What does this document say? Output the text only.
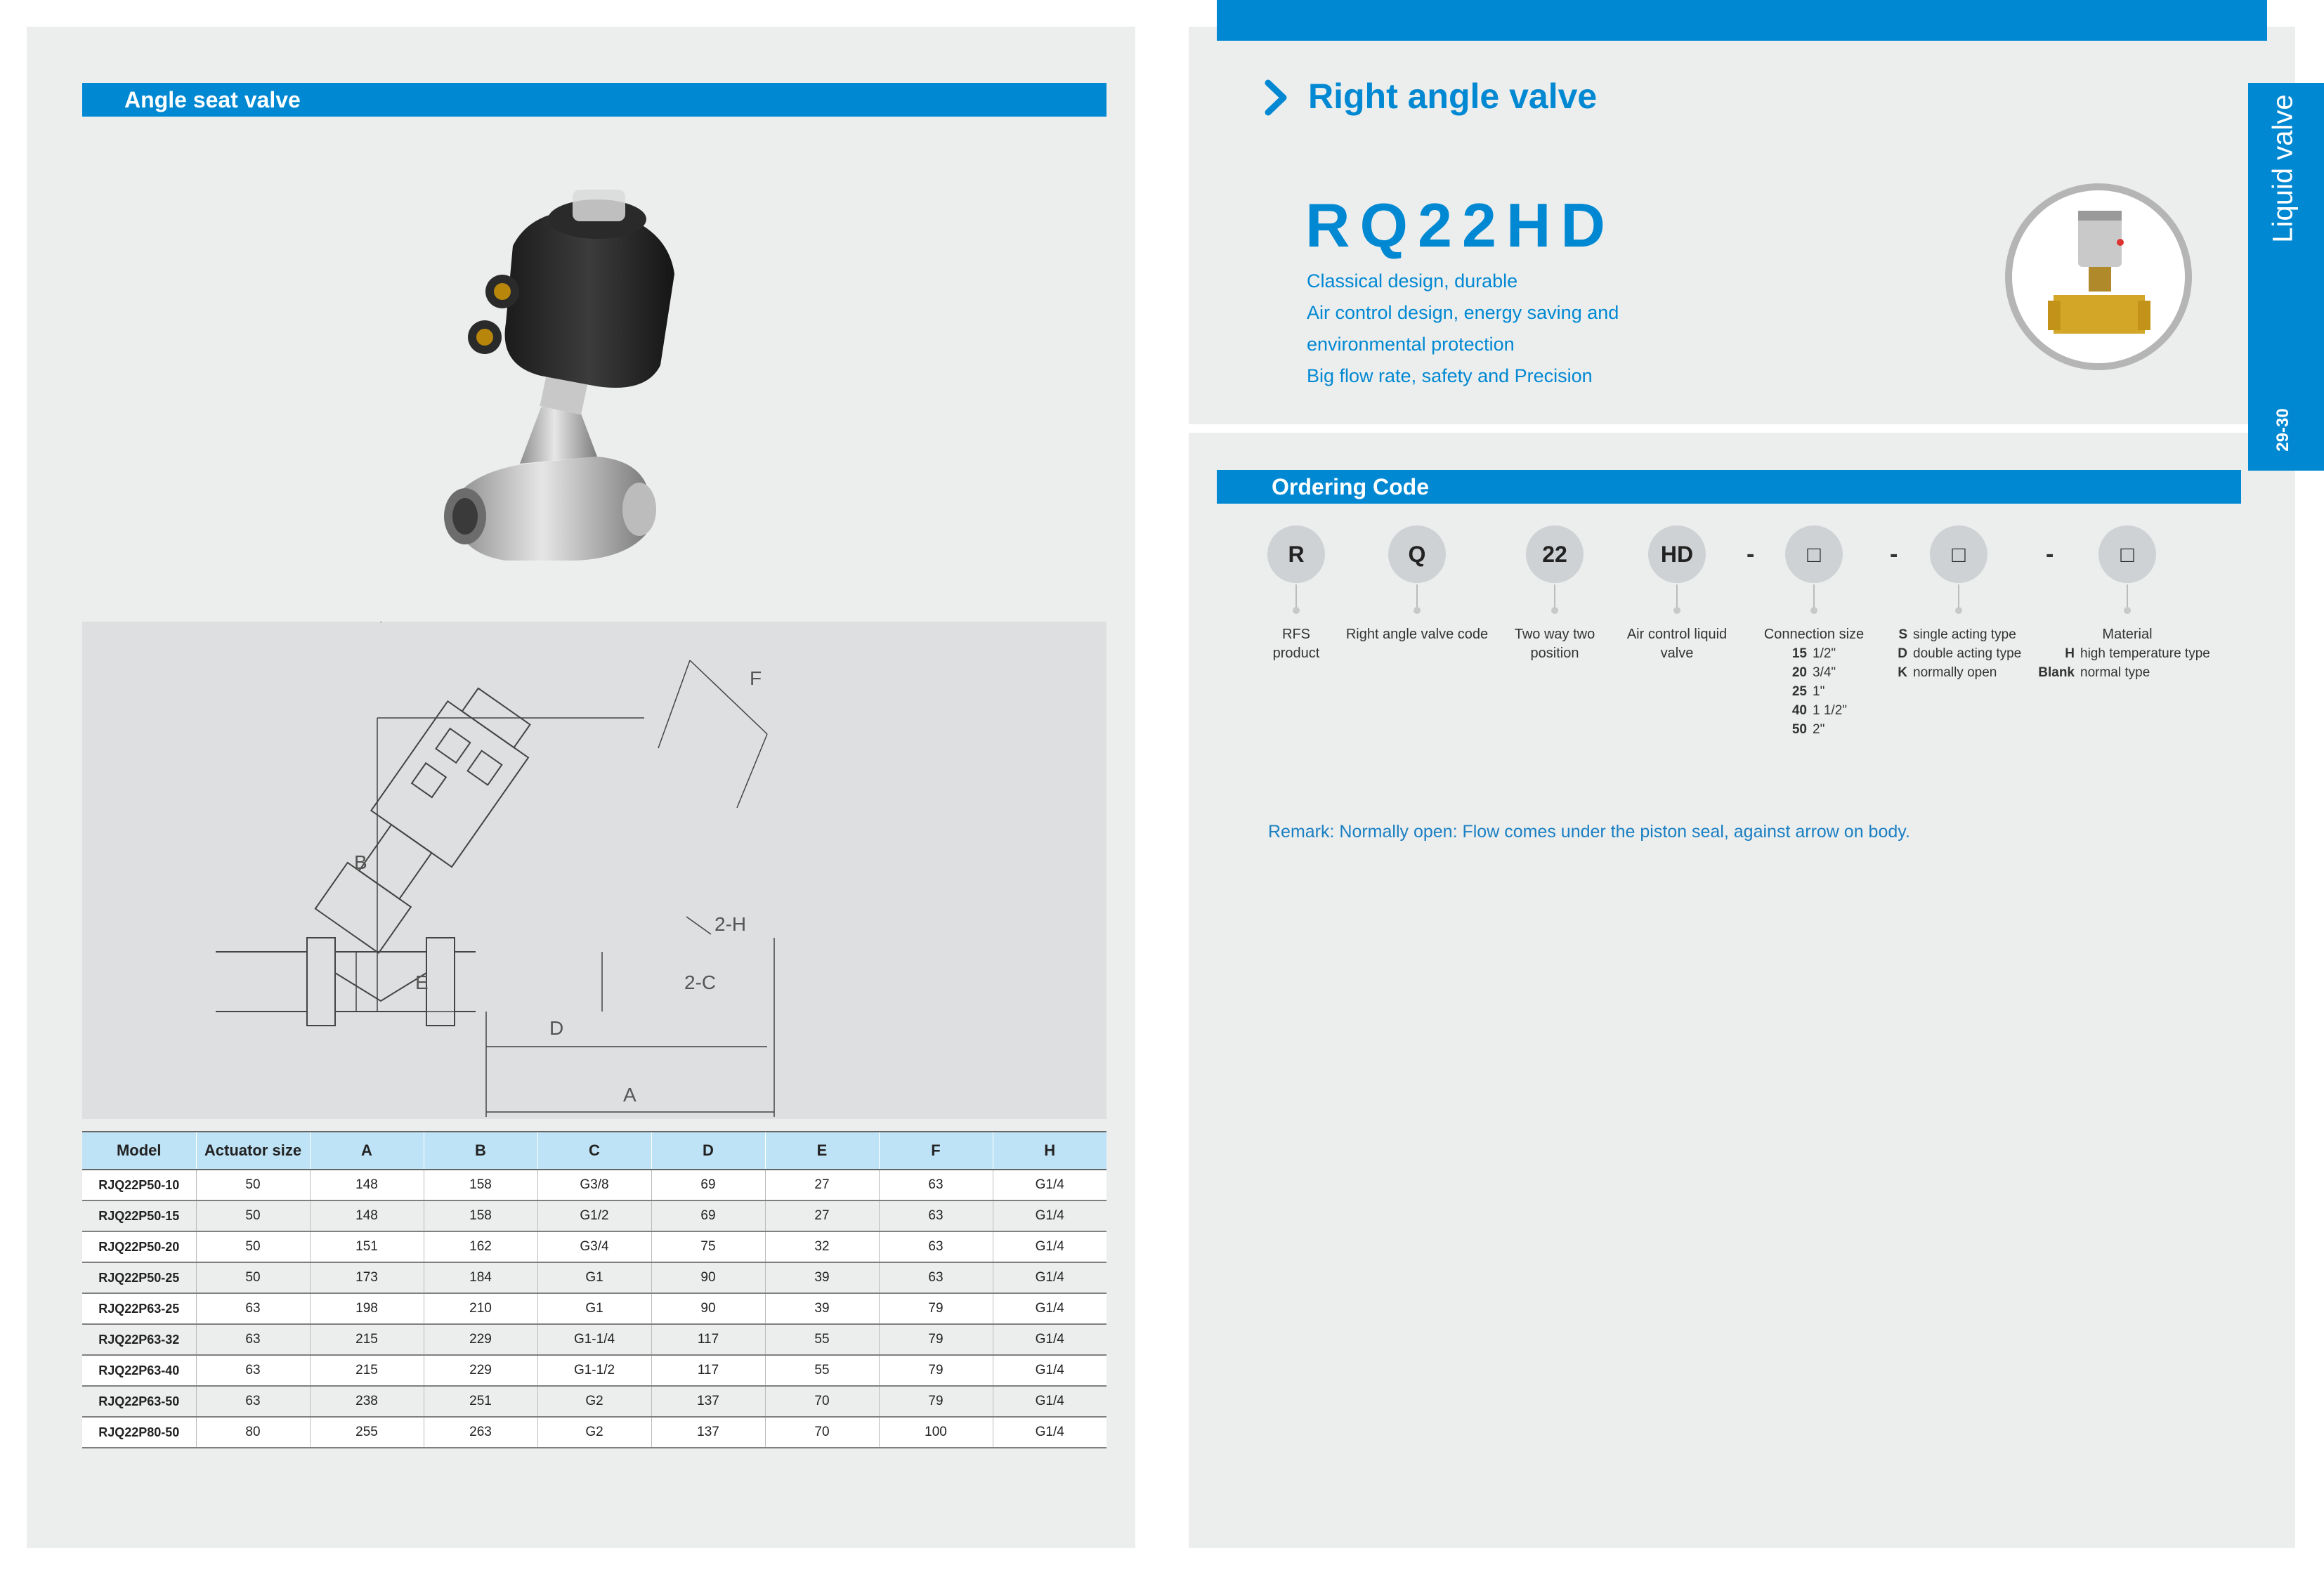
Angle seat valve
Ordering Code
Liquid valve
29-30
F
B
2-H
E	2-C
D
A
Model	Actuator size	A	B	C	D	E	F	H
RJQ22P50-10	50	148	158	G3/8	69	27	63	G1/4
RJQ22P50-15	50	148	158	G1/2	69	27	63	G1/4
RJQ22P50-20	50	151	162	G3/4	75	32	63	G1/4
RJQ22P50-25	50	173	184	G1	90	39	63	G1/4
RJQ22P63-25	63	198	210	G1	90	39	79	G1/4
RJQ22P63-32	63	215	229	G1-1/4	117	55	79	G1/4
RJQ22P63-40	63	215	229	G1-1/2	117	55	79	G1/4
RJQ22P63-50	63	238	251	G2	137	70	79	G1/4
RJQ22P80-50	80	255	263	G2	137	70	100	G1/4
Right angle valve
RQ22HD
Classical design, durable
Air control design, energy saving and
environmental protection
Big flow rate, safety and Precision
R
RFS product
Q
Right angle valve code
22
Two way two position
HD
Air control liquid valve
-	□
Connection size
15 1/2"
20 3/4"
25 1"
40 1 1/2"
50 2"
-	□
S single acting type
D double acting type
K normally open
-	□
Material
H high temperature type
Blank normal type
Remark: Normally open: Flow comes under the piston seal, against arrow on body.
